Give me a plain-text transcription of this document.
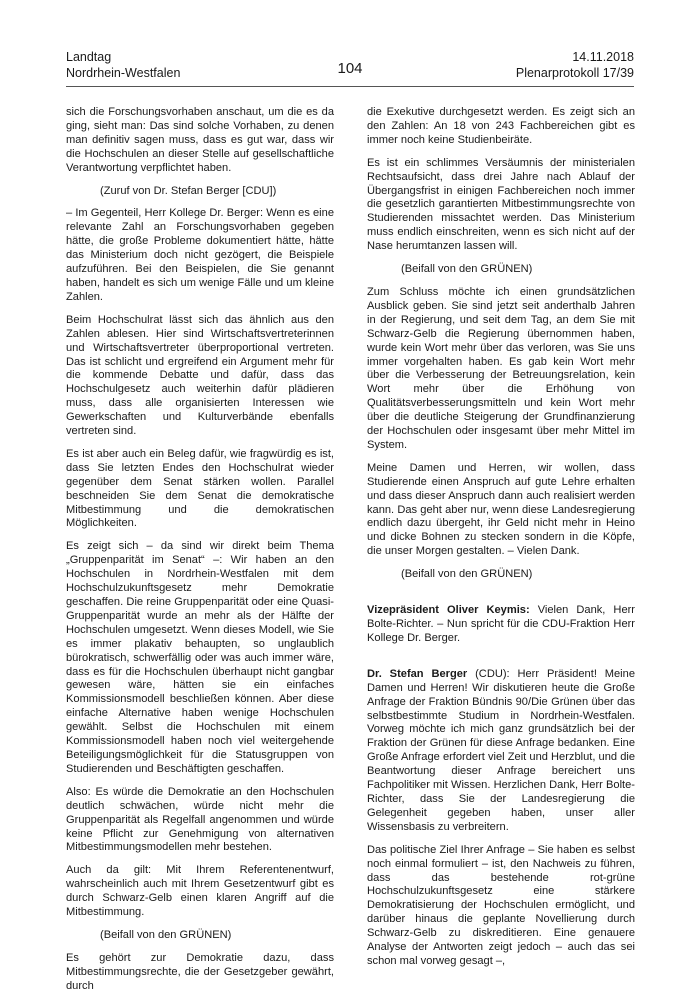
Landtag
Nordrhein-Westfalen	104
14.11.2018
Plenarprotokoll 17/39

sich die Forschungsvorhaben anschaut, um die es da ging, sieht man: Das sind solche Vorhaben, zu denen man definitiv sagen muss, dass es gut war, dass wir die Hochschulen an dieser Stelle auf gesellschaftliche Verantwortung verpflichtet haben.

(Zuruf von Dr. Stefan Berger [CDU])

– Im Gegenteil, Herr Kollege Dr. Berger: Wenn es eine relevante Zahl an Forschungsvorhaben gegeben hätte, die große Probleme dokumentiert hätte, hätte das Ministerium doch nicht gezögert, die Beispiele aufzuführen. Bei den Beispielen, die Sie genannt haben, handelt es sich um wenige Fälle und um kleine Zahlen.

Beim Hochschulrat lässt sich das ähnlich aus den Zahlen ablesen. Hier sind Wirtschaftsvertreterinnen und Wirtschaftsvertreter überproportional vertreten. Das ist schlicht und ergreifend ein Argument mehr für die kommende Debatte und dafür, dass das Hochschulgesetz auch weiterhin dafür plädieren muss, dass alle organisierten Interessen wie Gewerkschaften und Kulturverbände ebenfalls vertreten sind.

Es ist aber auch ein Beleg dafür, wie fragwürdig es ist, dass Sie letzten Endes den Hochschulrat wieder gegenüber dem Senat stärken wollen. Parallel beschneiden Sie dem Senat die demokratische Mitbestimmung und die demokratischen Möglichkeiten.

Es zeigt sich – da sind wir direkt beim Thema „Gruppenparität im Senat“ –: Wir haben an den Hochschulen in Nordrhein-Westfalen mit dem Hochschulzukunftsgesetz mehr Demokratie geschaffen. Die reine Gruppenparität oder eine Quasi-Gruppenparität wurde an mehr als der Hälfte der Hochschulen umgesetzt. Wenn dieses Modell, wie Sie es immer plakativ behaupten, so unglaublich bürokratisch, schwerfällig oder was auch immer wäre, dass es für die Hochschulen überhaupt nicht gangbar gewesen wäre, hätten sie ein einfaches Kommissionsmodell beschließen können. Aber diese einfache Alternative haben wenige Hochschulen gewählt. Selbst die Hochschulen mit einem Kommissionsmodell haben noch viel weitergehende Beteiligungsmöglichkeit für die Statusgruppen von Studierenden und Beschäftigten geschaffen.

Also: Es würde die Demokratie an den Hochschulen deutlich schwächen, würde nicht mehr die Gruppenparität als Regelfall angenommen und würde keine Pflicht zur Genehmigung von alternativen Mitbestimmungsmodellen mehr bestehen.

Auch da gilt: Mit Ihrem Referentenentwurf, wahrscheinlich auch mit Ihrem Gesetzentwurf gibt es durch Schwarz-Gelb einen klaren Angriff auf die Mitbestimmung.

(Beifall von den GRÜNEN)

Es gehört zur Demokratie dazu, dass Mitbestimmungsrechte, die der Gesetzgeber gewährt, durch

die Exekutive durchgesetzt werden. Es zeigt sich an den Zahlen: An 18 von 243 Fachbereichen gibt es immer noch keine Studienbeiräte.

Es ist ein schlimmes Versäumnis der ministerialen Rechtsaufsicht, dass drei Jahre nach Ablauf der Übergangsfrist in einigen Fachbereichen noch immer die gesetzlich garantierten Mitbestimmungsrechte von Studierenden missachtet werden. Das Ministerium muss endlich einschreiten, wenn es sich nicht auf der Nase herumtanzen lassen will.

(Beifall von den GRÜNEN)

Zum Schluss möchte ich einen grundsätzlichen Ausblick geben. Sie sind jetzt seit anderthalb Jahren in der Regierung, und seit dem Tag, an dem Sie mit Schwarz-Gelb die Regierung übernommen haben, wurde kein Wort mehr über das verloren, was Sie uns immer vorgehalten haben. Es gab kein Wort mehr über die Verbesserung der Betreuungsrelation, kein Wort mehr über die Erhöhung von Qualitätsverbesserungsmitteln und kein Wort mehr über die deutliche Steigerung der Grundfinanzierung der Hochschulen oder insgesamt über mehr Mittel im System.

Meine Damen und Herren, wir wollen, dass Studierende einen Anspruch auf gute Lehre erhalten und dass dieser Anspruch dann auch realisiert werden kann. Das geht aber nur, wenn diese Landesregierung endlich dazu übergeht, ihr Geld nicht mehr in Heino und dicke Bohnen zu stecken sondern in die Köpfe, die unser Morgen gestalten. – Vielen Dank.

(Beifall von den GRÜNEN)

Vizepräsident Oliver Keymis: Vielen Dank, Herr Bolte-Richter. – Nun spricht für die CDU-Fraktion Herr Kollege Dr. Berger.

Dr. Stefan Berger (CDU): Herr Präsident! Meine Damen und Herren! Wir diskutieren heute die Große Anfrage der Fraktion Bündnis 90/Die Grünen über das selbstbestimmte Studium in Nordrhein-Westfalen. Vorweg möchte ich mich ganz grundsätzlich bei der Fraktion der Grünen für diese Anfrage bedanken. Eine Große Anfrage erfordert viel Zeit und Herzblut, und die Beantwortung dieser Anfrage bereichert uns Fachpolitiker mit Wissen. Herzlichen Dank, Herr Bolte-Richter, dass Sie der Landesregierung die Gelegenheit gegeben haben, unser aller Wissensbasis zu verbreitern.

Das politische Ziel Ihrer Anfrage – Sie haben es selbst noch einmal formuliert – ist, den Nachweis zu führen, dass das bestehende rot-grüne Hochschulzukunftsgesetz eine stärkere Demokratisierung der Hochschulen ermöglicht, und darüber hinaus die geplante Novellierung durch Schwarz-Gelb zu diskreditieren. Eine genauere Analyse der Antworten zeigt jedoch – auch das sei schon mal vorweg gesagt –,
